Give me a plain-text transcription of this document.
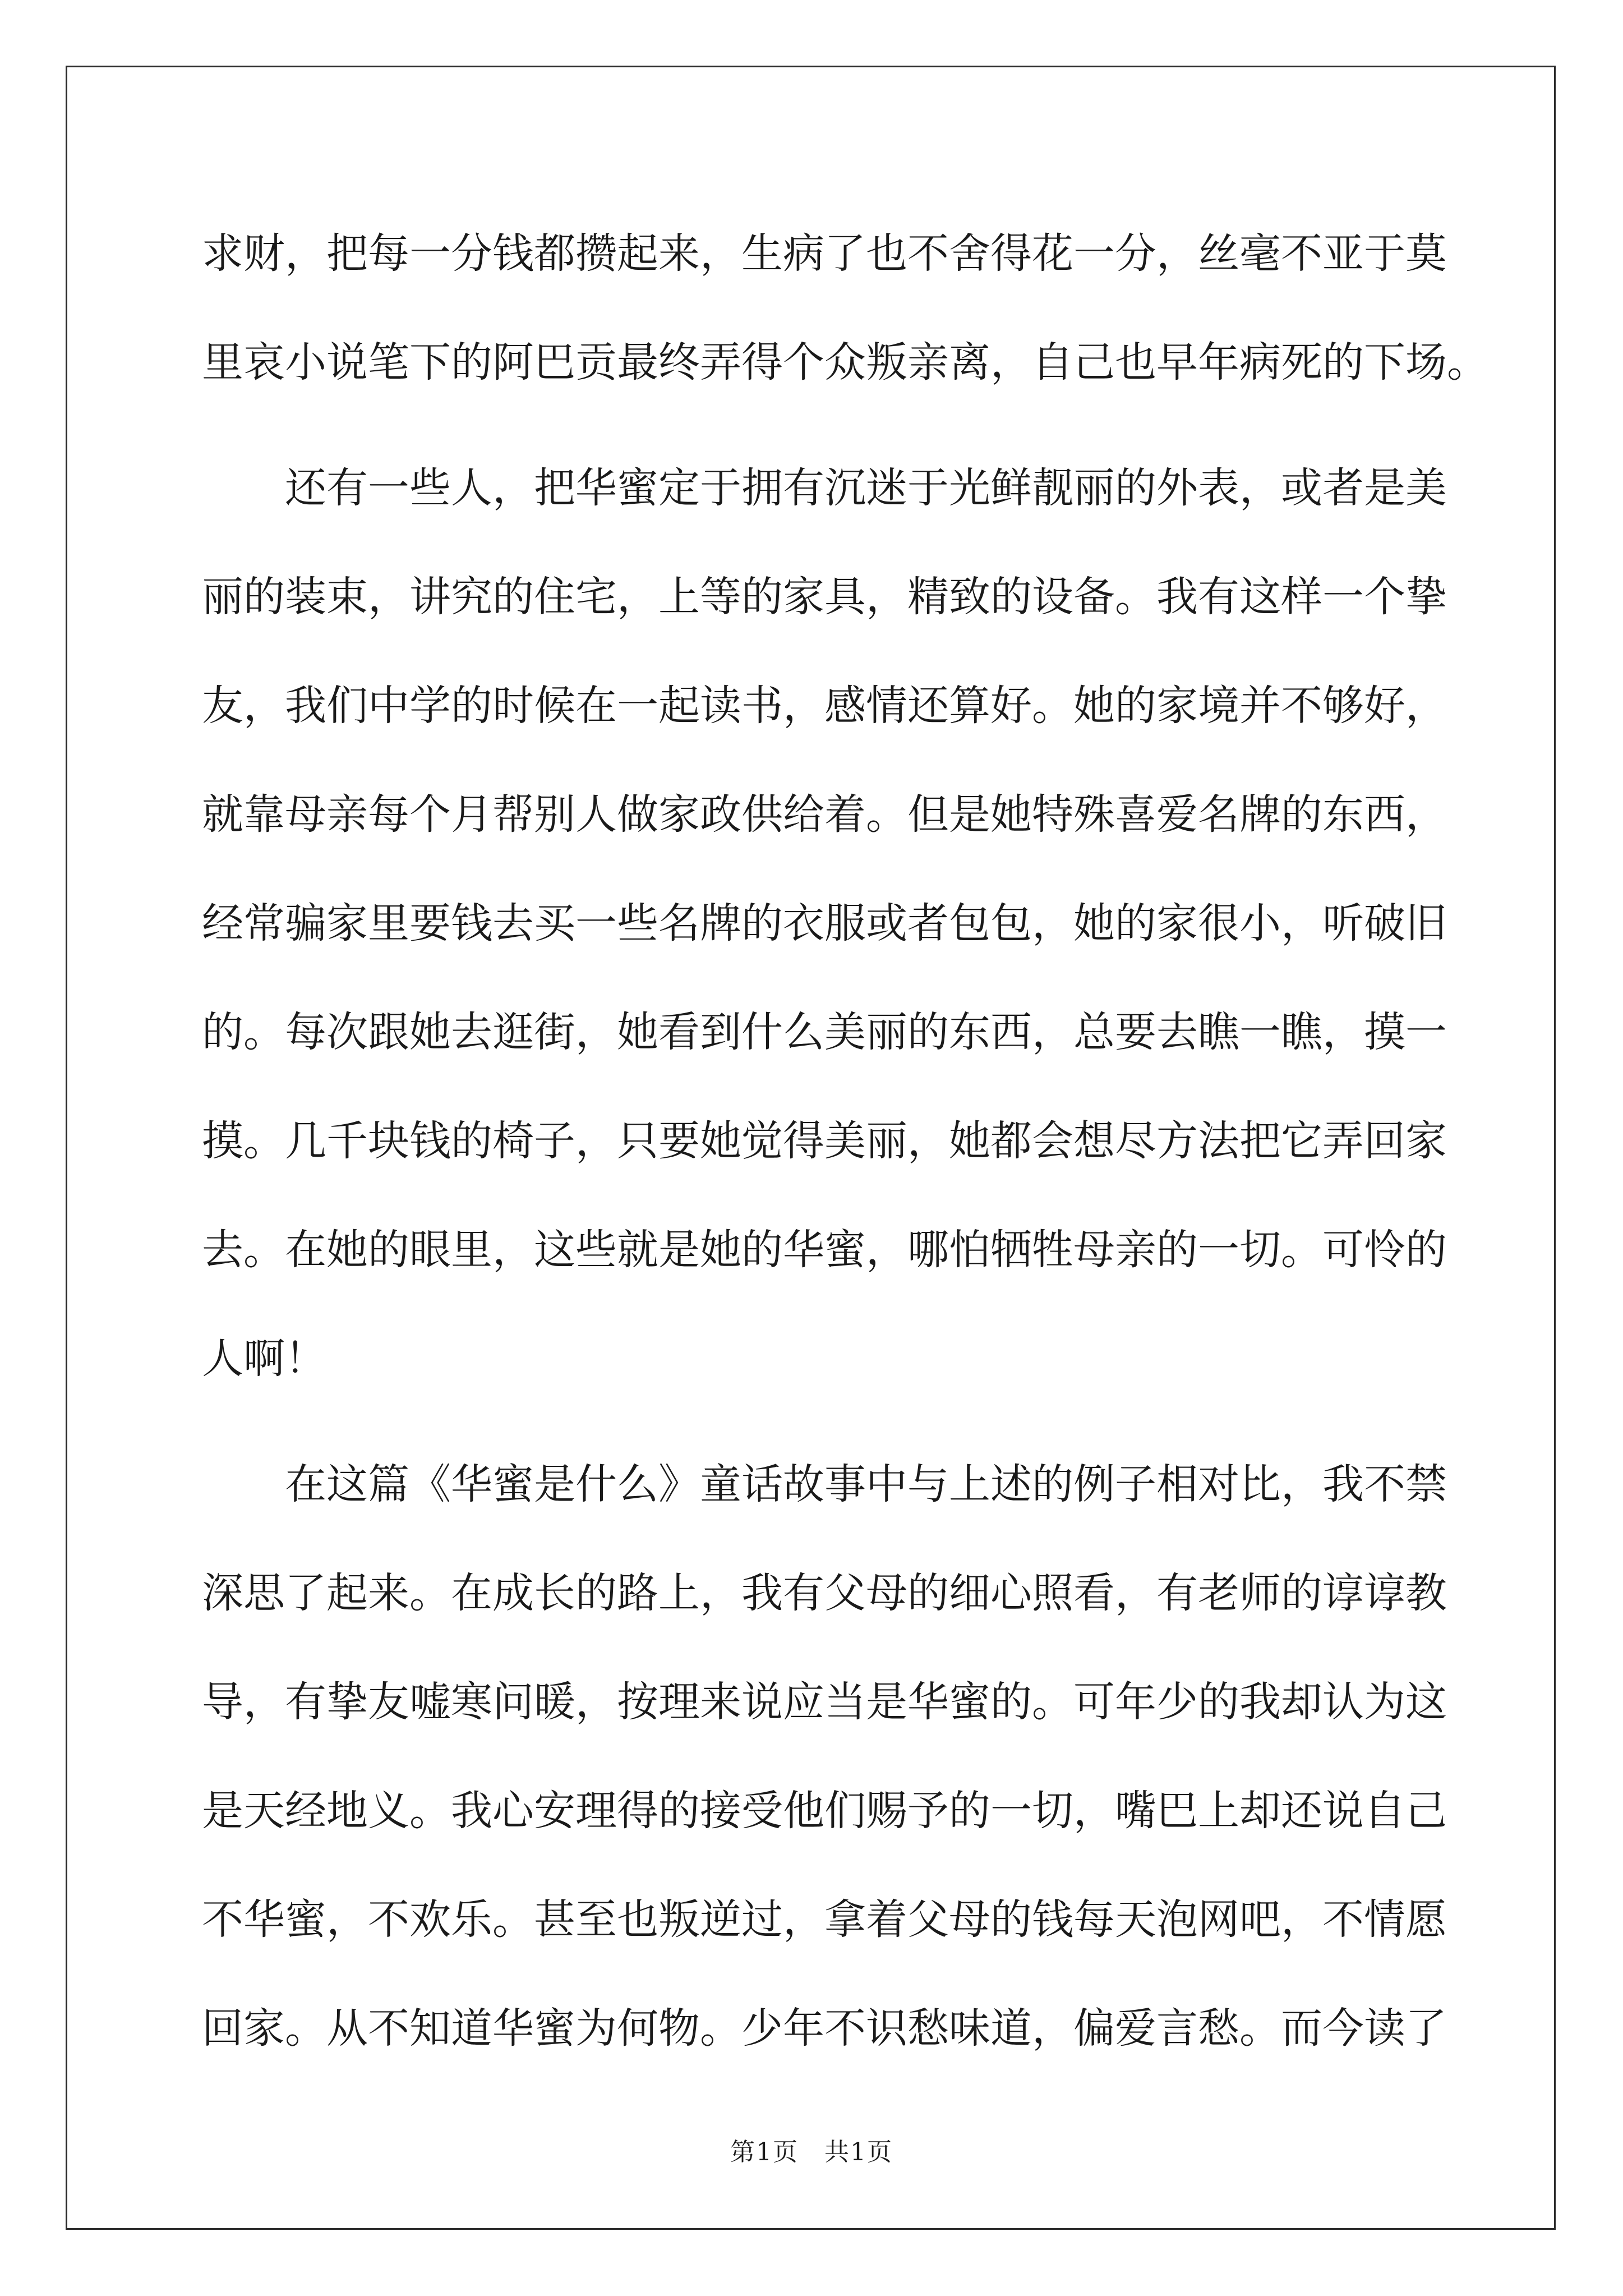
求财，把每一分钱都攒起来，生病了也不舍得花一分，丝毫不亚于莫
里哀小说笔下的阿巴贡最终弄得个众叛亲离，自己也早年病死的下场。
还有一些人，把华蜜定于拥有沉迷于光鲜靓丽的外表，或者是美
丽的装束，讲究的住宅，上等的家具，精致的设备。我有这样一个挚
友，我们中学的时候在一起读书，感情还算好。她的家境并不够好，
就靠母亲每个月帮别人做家政供给着。但是她特殊喜爱名牌的东西，
经常骗家里要钱去买一些名牌的衣服或者包包，她的家很小，听破旧
的。每次跟她去逛街，她看到什么美丽的东西，总要去瞧一瞧，摸一
摸。几千块钱的椅子，只要她觉得美丽，她都会想尽方法把它弄回家
去。在她的眼里，这些就是她的华蜜，哪怕牺牲母亲的一切。可怜的
人啊！
在这篇《华蜜是什么》童话故事中与上述的例子相对比，我不禁
深思了起来。在成长的路上，我有父母的细心照看，有老师的谆谆教
导，有挚友嘘寒问暖，按理来说应当是华蜜的。可年少的我却认为这
是天经地义。我心安理得的接受他们赐予的一切，嘴巴上却还说自己
不华蜜，不欢乐。甚至也叛逆过，拿着父母的钱每天泡网吧，不情愿
回家。从不知道华蜜为何物。少年不识愁味道，偏爱言愁。而今读了
第1页　共1页
